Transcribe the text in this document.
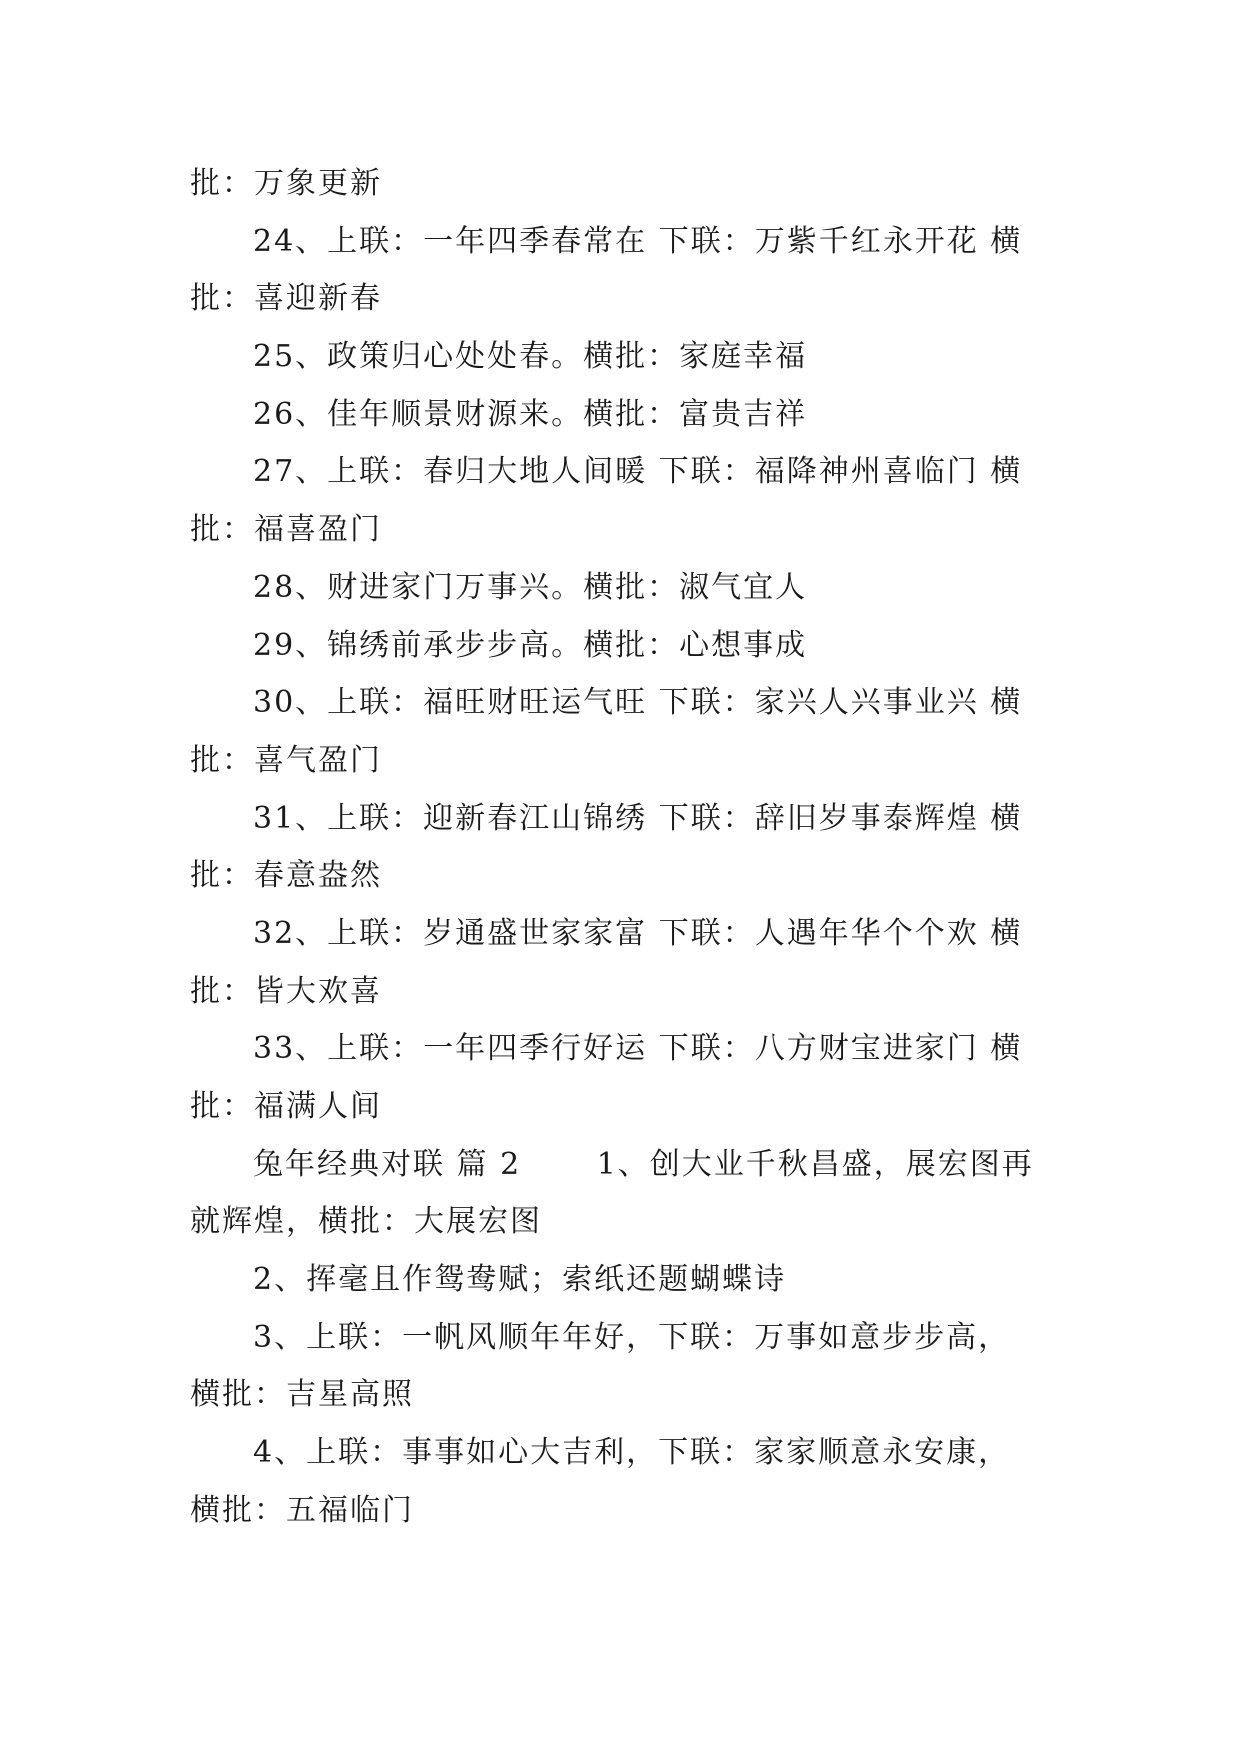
批：万象更新
24、上联：一年四季春常在 下联：万紫千红永开花 横
批：喜迎新春
25、政策归心处处春。横批：家庭幸福
26、佳年顺景财源来。横批：富贵吉祥
27、上联：春归大地人间暖 下联：福降神州喜临门 横
批：福喜盈门
28、财进家门万事兴。横批：淑气宜人
29、锦绣前承步步高。横批：心想事成
30、上联：福旺财旺运气旺 下联：家兴人兴事业兴 横
批：喜气盈门
31、上联：迎新春江山锦绣 下联：辞旧岁事泰辉煌 横
批：春意盎然
32、上联：岁通盛世家家富 下联：人遇年华个个欢 横
批：皆大欢喜
33、上联：一年四季行好运 下联：八方财宝进家门 横
批：福满人间
兔年经典对联 篇 2 　　1、创大业千秋昌盛，展宏图再
就辉煌，横批：大展宏图
2、挥毫且作鸳鸯赋；索纸还题蝴蝶诗
3、上联：一帆风顺年年好，下联：万事如意步步高，
横批：吉星高照
4、上联：事事如心大吉利，下联：家家顺意永安康，
横批：五福临门
